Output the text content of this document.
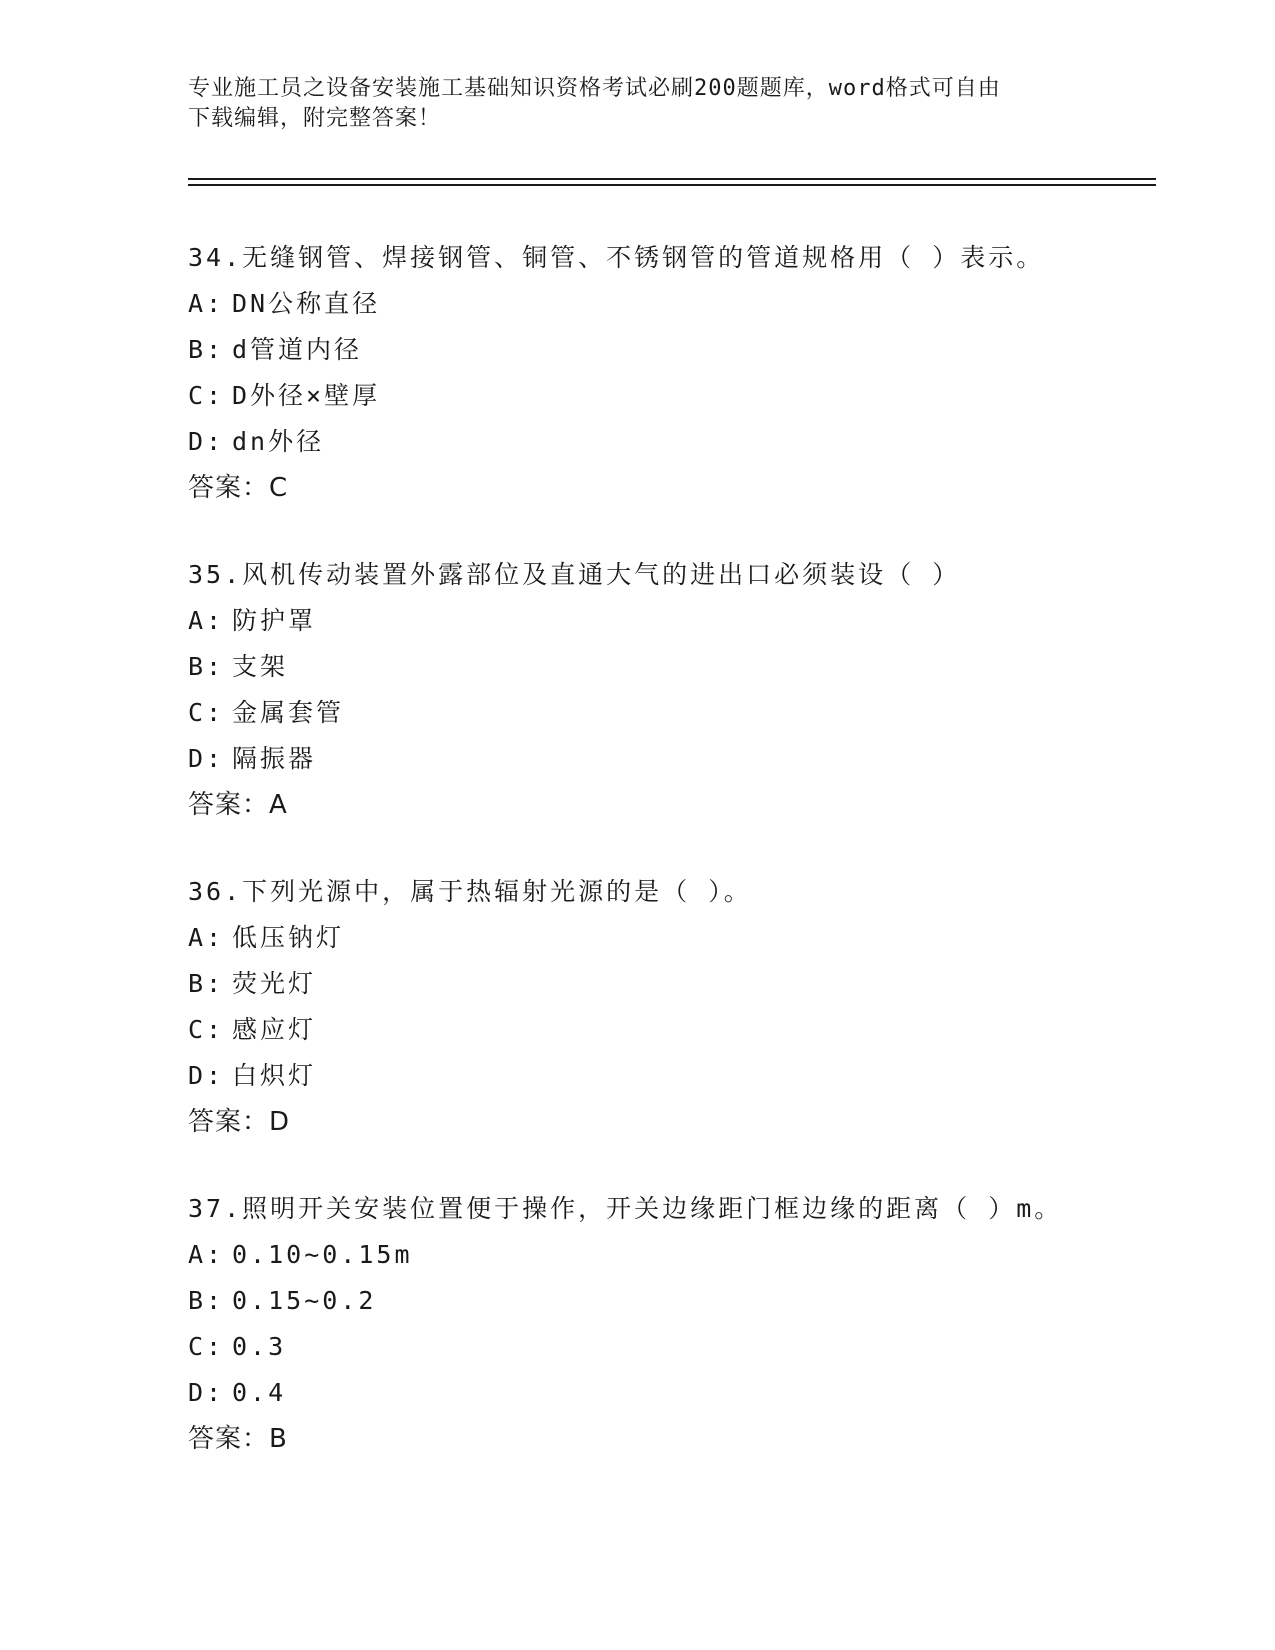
专业施工员之设备安装施工基础知识资格考试必刷200题题库，word格式可自由
下载编辑，附完整答案！
34.无缝钢管、焊接钢管、铜管、不锈钢管的管道规格用（ ）表示。
A: DN公称直径
B: d管道内径
C: D外径×壁厚
D: dn外径
答案：C
35.风机传动装置外露部位及直通大气的进出口必须装设（ ）
A: 防护罩
B: 支架
C: 金属套管
D: 隔振器
答案：A
36.下列光源中，属于热辐射光源的是（ ）。
A: 低压钠灯
B: 荧光灯
C: 感应灯
D: 白炽灯
答案：D
37.照明开关安装位置便于操作，开关边缘距门框边缘的距离（ ）m。
A: 0.10~0.15m
B: 0.15~0.2
C: 0.3
D: 0.4
答案：B
